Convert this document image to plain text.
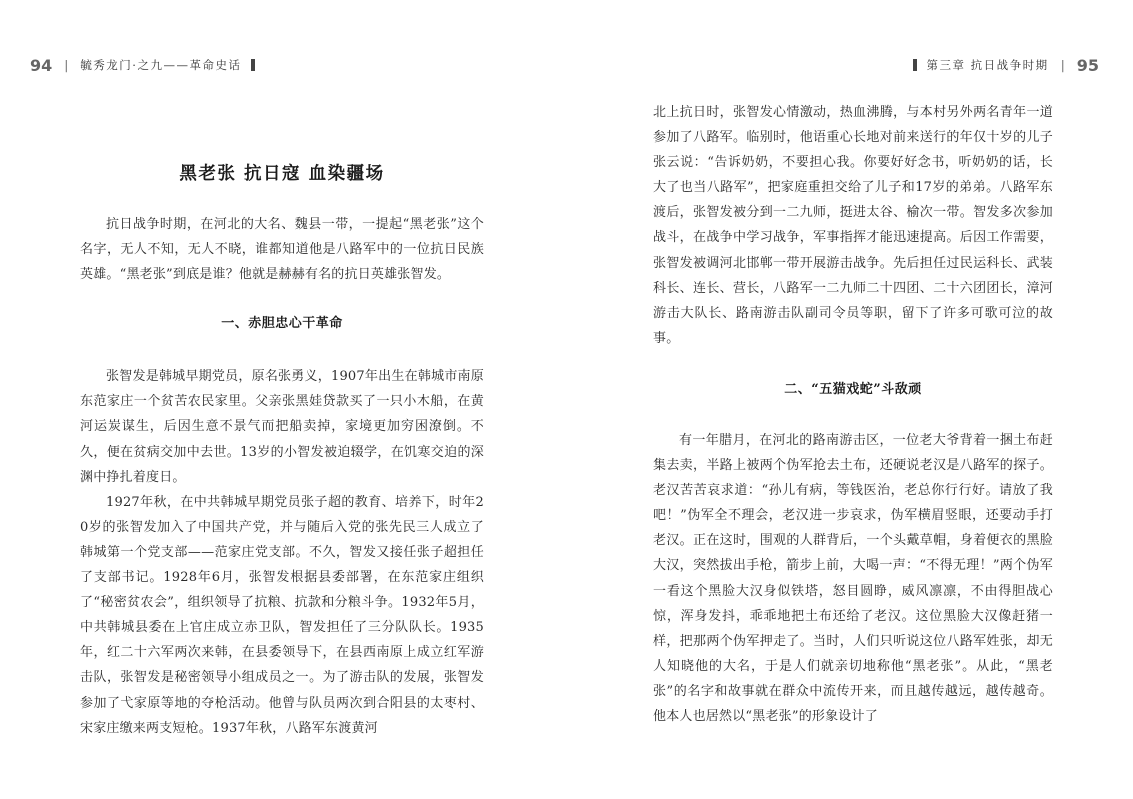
94 | 毓秀龙门·之九——革命史话
黑老张 抗日寇 血染疆场

抗日战争时期，在河北的大名、魏县一带，一提起“黑老张”这个名字，无人不知，无人不晓，谁都知道他是八路军中的一位抗日民族英雄。“黑老张”到底是谁？他就是赫赫有名的抗日英雄张智发。

一、赤胆忠心干革命

张智发是韩城早期党员，原名张勇义，1907年出生在韩城市南原东范家庄一个贫苦农民家里。父亲张黑娃贷款买了一只小木船，在黄河运炭谋生，后因生意不景气而把船卖掉，家境更加穷困潦倒。不久，便在贫病交加中去世。13岁的小智发被迫辍学，在饥寒交迫的深渊中挣扎着度日。

1927年秋，在中共韩城早期党员张子超的教育、培养下，时年20岁的张智发加入了中国共产党，并与随后入党的张先民三人成立了韩城第一个党支部——范家庄党支部。不久，智发又接任张子超担任了支部书记。1928年6月，张智发根据县委部署，在东范家庄组织了“秘密贫农会”，组织领导了抗粮、抗款和分粮斗争。1932年5月，中共韩城县委在上官庄成立赤卫队，智发担任了三分队队长。1935年，红二十六军两次来韩，在县委领导下，在县西南原上成立红军游击队，张智发是秘密领导小组成员之一。为了游击队的发展，张智发参加了弋家原等地的夺枪活动。他曾与队员两次到合阳县的太枣村、宋家庄缴来两支短枪。1937年秋，八路军东渡黄河

第三章 抗日战争时期 | 95

北上抗日时，张智发心情激动，热血沸腾，与本村另外两名青年一道参加了八路军。临别时，他语重心长地对前来送行的年仅十岁的儿子张云说：“告诉奶奶，不要担心我。你要好好念书，听奶奶的话，长大了也当八路军”，把家庭重担交给了儿子和17岁的弟弟。八路军东渡后，张智发被分到一二九师，挺进太谷、榆次一带。智发多次参加战斗，在战争中学习战争，军事指挥才能迅速提高。后因工作需要，张智发被调河北邯郸一带开展游击战争。先后担任过民运科长、武装科长、连长、营长，八路军一二九师二十四团、二十六团团长，漳河游击大队长、路南游击队副司令员等职，留下了许多可歌可泣的故事。

二、“五猫戏蛇”斗敌顽

有一年腊月，在河北的路南游击区，一位老大爷背着一捆土布赶集去卖，半路上被两个伪军抢去土布，还硬说老汉是八路军的探子。老汉苦苦哀求道：“孙儿有病，等钱医治，老总你行行好。请放了我吧！”伪军全不理会，老汉进一步哀求，伪军横眉竖眼，还要动手打老汉。正在这时，围观的人群背后，一个头戴草帽，身着便衣的黑脸大汉，突然拔出手枪，箭步上前，大喝一声：“不得无理！”两个伪军一看这个黑脸大汉身似铁塔，怒目圆睁，威风凛凛，不由得胆战心惊，浑身发抖，乖乖地把土布还给了老汉。这位黑脸大汉像赶猪一样，把那两个伪军押走了。当时，人们只听说这位八路军姓张，却无人知晓他的大名，于是人们就亲切地称他“黑老张”。从此，“黑老张”的名字和故事就在群众中流传开来，而且越传越远，越传越奇。他本人也居然以“黑老张”的形象设计了
